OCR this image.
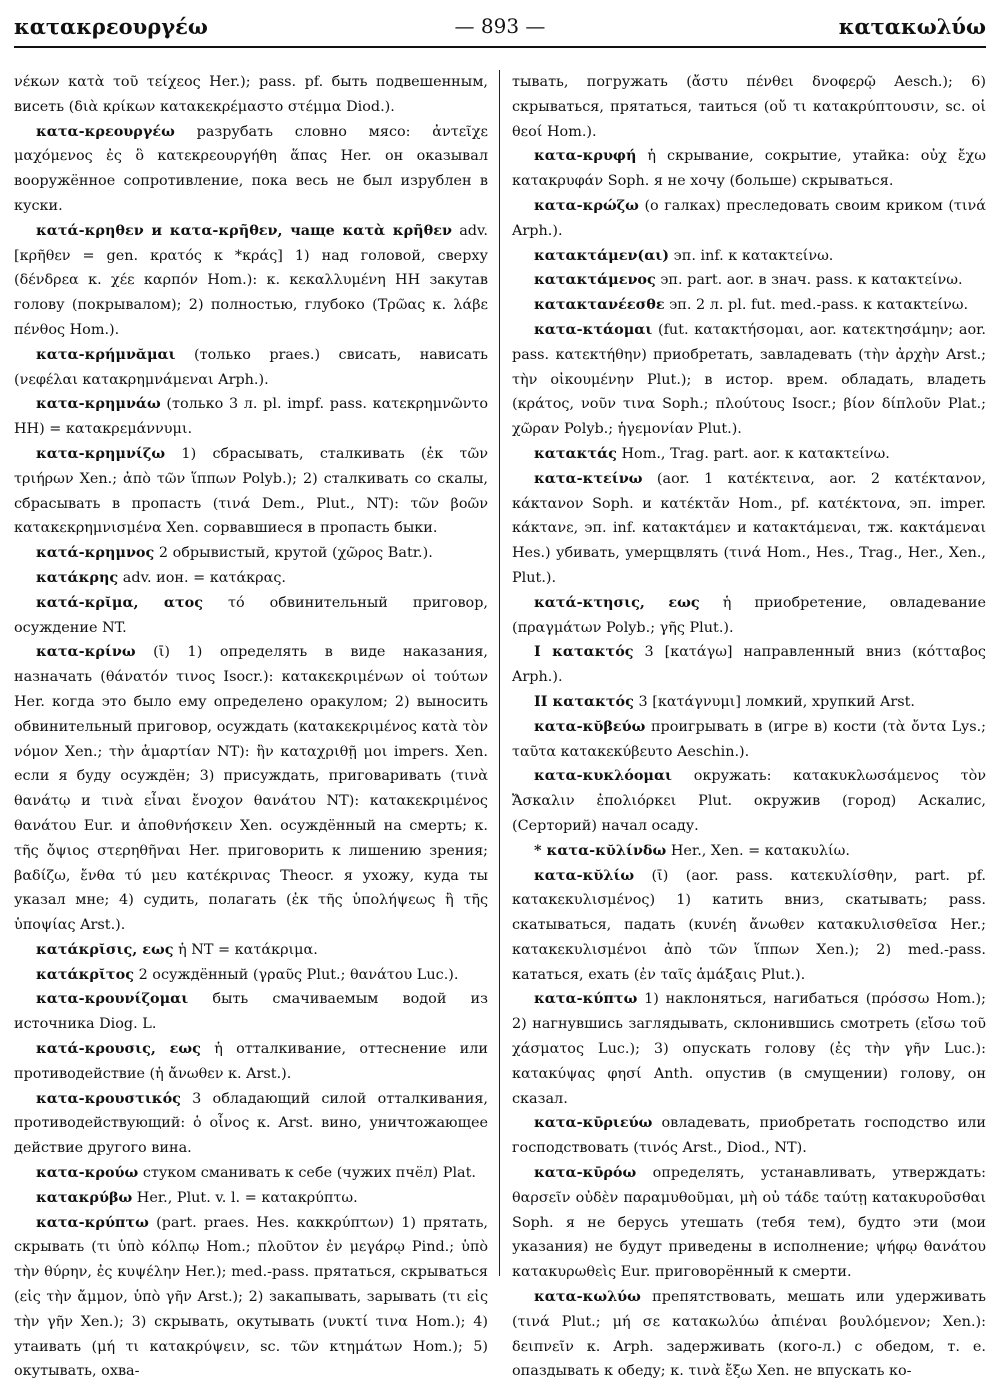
κατακρεουργέω	— 893 —	κατακωλύω

νέκων κατὰ τοῦ τείχεος Her.); pass. pf. быть подвешенным, висеть (διὰ κρίκων κατακεκρέμαστο στέμμα Diod.).

κατα-κρεουργέω разрубать словно мясо: ἀντεῖχε μαχόμενος ἐς ὃ κατεκρεουργήθη ἅπας Her. он оказывал вооружённое сопротивление, пока весь не был изрублен в куски.

κατά-κρηθεν и κατα-κρῆθεν, чаще κατὰ κρῆθεν adv. [κρῆθεν = gen. κρατός к *κράς] 1) над головой, сверху (δένδρεα κ. χέε καρπόν Hom.): κ. κεκαλλυμένη HH закутав голову (покрывалом); 2) полностью, глубоко (Τρῶας κ. λάβε πένθος Hom.).

κατα-κρήμνᾰμαι (только praes.) свисать, нависать (νεφέλαι κατακρημνάμεναι Arph.).

κατα-κρημνάω (только 3 л. pl. impf. pass. κατεκρημνῶντο HH) = κατακρεμάννυμι.

κατα-κρημνίζω 1) сбрасывать, сталкивать (ἐκ τῶν τριήρων Xen.; ἀπὸ τῶν ἵππων Polyb.); 2) сталкивать со скалы, сбрасывать в пропасть (τινά Dem., Plut., NT): τῶν βοῶν κατακεκρημνισμένα Xen. сорвавшиеся в пропасть быки.

κατά-κρημνος 2 обрывистый, крутой (χῶρος Batr.).

κατάκρης adv. ион. = κατάκρας.

κατά-κρῐμα, ατος τό обвинительный приговор, осуждение NT.

κατα-κρίνω (ῑ) 1) определять в виде наказания, назначать (θάνατόν τινος Isocr.): κατακεκριμένων οἱ τούτων Her. когда это было ему определено оракулом; 2) выносить обвинительный приговор, осуждать (κατακεκριμένος κατὰ τὸν νόμον Xen.; τὴν ἁμαρτίαν NT): ἢν καταχριθῇ μοι impers. Xen. если я буду осуждён; 3) присуждать, приговаривать (τινὰ θανάτῳ и τινὰ εἶναι ἔνοχον θανάτου NT): κατακεκριμένος θανάτου Eur. и ἀποθνήσκειν Xen. осуждённый на смерть; κ. τῆς ὄψιος στερηθῆναι Her. приговорить к лишению зрения; βαδίζω, ἔνθα τύ μευ κατέκρινας Theocr. я ухожу, куда ты указал мне; 4) судить, полагать (ἐκ τῆς ὑπολήψεως ἢ τῆς ὑποψίας Arst.).

κατάκρῐσις, εως ἡ NT = κατάκριμα.

κατάκρῐτος 2 осуждённый (γραῦς Plut.; θανάτου Luc.).

κατα-κρουνίζομαι быть смачиваемым водой из источника Diog. L.

κατά-κρουσις, εως ἡ отталкивание, оттеснение или противодействие (ἡ ἄνωθεν κ. Arst.).

κατα-κρουστικός 3 обладающий силой отталкивания, противодействующий: ὁ οἶνος κ. Arst. вино, уничтожающее действие другого вина.

κατα-κρούω стуком сманивать к себе (чужих пчёл) Plat.

κατακρύβω Her., Plut. v. l. = κατακρύπτω.

κατα-κρύπτω (part. praes. Hes. κακκρύπτων) 1) прятать, скрывать (τι ὑπὸ κόλπῳ Hom.; πλοῦτον ἐν μεγάρῳ Pind.; ὑπὸ τὴν θύρην, ἐς κυψέλην Her.); med.-pass. прятаться, скрываться (εἰς τὴν ἄμμον, ὑπὸ γῆν Arst.); 2) закапывать, зарывать (τι εἰς τὴν γῆν Xen.); 3) скрывать, окутывать (νυκτί τινα Hom.); 4) утаивать (μή τι κατακρύψειν, sc. τῶν κτημάτων Hom.); 5) окутывать, охва-

тывать, погружать (ἄστυ πένθει δνοφερῷ Aesch.); 6) скрываться, прятаться, таиться (οὔ τι κατακρύπτουσιν, sc. οἱ θεοί Hom.).

κατα-κρυφή ἡ скрывание, сокрытие, утайка: οὐχ ἔχω κατακρυφάν Soph. я не хочу (больше) скрываться.

κατα-κρώζω (о галках) преследовать своим криком (τινά Arph.).

κατακτάμεν(αι) эп. inf. к κατακτείνω.

κατακτάμενος эп. part. aor. в знач. pass. к κατακτείνω.

κατακτανέεσθε эп. 2 л. pl. fut. med.-pass. к κατακτείνω.

κατα-κτάομαι (fut. κατακτήσομαι, aor. κατεκτησάμην; aor. pass. κατεκτήθην) приобретать, завладевать (τὴν ἀρχὴν Arst.; τὴν οἰκουμένην Plut.); в истор. врем. обладать, владеть (κράτος, νοῦν τινα Soph.; πλούτους Isocr.; βίον δίπλοῦν Plat.; χῶραν Polyb.; ἡγεμονίαν Plut.).

κατακτάς Hom., Trag. part. aor. к κατακτείνω.

κατα-κτείνω (aor. 1 κατέκτεινα, aor. 2 κατέκτανον, κάκτανον Soph. и κατέκτᾰν Hom., pf. κατέκτονα, эп. imper. κάκτανε, эп. inf. κατακτάμεν и κατακτάμεναι, тж. κακτάμεναι Hes.) убивать, умерщвлять (τινά Hom., Hes., Trag., Her., Xen., Plut.).

κατά-κτησις, εως ἡ приобретение, овладевание (πραγμάτων Polyb.; γῆς Plut.).

I κατακτός 3 [κατάγω] направленный вниз (κότταβος Arph.).

II κατακτός 3 [κατάγνυμι] ломкий, хрупкий Arst.

κατα-κῠβεύω проигрывать в (игре в) кости (τὰ ὄντα Lys.; ταῦτα κατακεκύβευτο Aeschin.).

κατα-κυκλόομαι окружать: κατακυκλωσάμενος τὸν Ἄσκαλιν ἐπολιόρκει Plut. окружив (город) Аскалис, (Серторий) начал осаду.

* κατα-κῠλίνδω Her., Xen. = κατακυλίω.

κατα-κῠλίω (ῑ) (aor. pass. κατεκυλίσθην, part. pf. κατακεκυλισμένος) 1) катить вниз, скатывать; pass. скатываться, падать (κυνέη ἄνωθεν κατακυλισθεῖσα Her.; κατακεκυλισμένοι ἀπὸ τῶν ἵππων Xen.); 2) med.-pass. кататься, ехать (ἐν ταῖς ἁμάξαις Plut.).

κατα-κύπτω 1) наклоняться, нагибаться (πρόσσω Hom.); 2) нагнувшись заглядывать, склонившись смотреть (εἴσω τοῦ χάσματος Luc.); 3) опускать голову (ἐς τὴν γῆν Luc.): κατακύψας φησί Anth. опустив (в смущении) голову, он сказал.

κατα-κῡριεύω овладевать, приобретать господство или господствовать (τινός Arst., Diod., NT).

κατα-κῡρόω определять, устанавливать, утверждать: θαρσεῖν οὐδὲν παραμυθοῦμαι, μὴ οὐ τάδε ταύτῃ κατακυροῦσθαι Soph. я не берусь утешать (тебя тем), будто эти (мои указания) не будут приведены в исполнение; ψήφῳ θανάτου κατακυρωθεὶς Eur. приговорённый к смерти.

κατα-κωλύω препятствовать, мешать или удерживать (τινά Plut.; μή σε κατακωλύω ἀπιέναι βουλόμενον; Xen.): δειπνεῖν κ. Arph. задерживать (кого-л.) с обедом, т. е. опаздывать к обеду; κ. τινὰ ἔξω Xen. не впускать ко-
